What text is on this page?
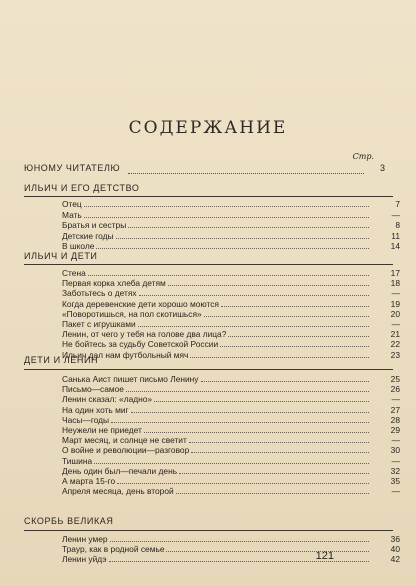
СОДЕРЖАНИЕ
Стр.
ЮНОМУ ЧИТАТЕЛЮ	3
ИЛЬИЧ И ЕГО ДЕТСТВО
Отец	7
Мать	—
Братья и сестры	8
Детские годы	11
В школе	14
ИЛЬИЧ И ДЕТИ
Стена	17
Первая корка хлеба детям	18
Заботьтесь о детях	—
Когда деревенские дети хорошо моются	19
«Поворотишься, на пол скотишься»	20
Пакет с игрушками	—
Ленин, от чего у тебя на голове два лица?	21
Не бойтесь за судьбу Советской России	22
Ильич дал нам футбольный мяч	23
ДЕТИ И ЛЕНИН
Санька Аист пишет письмо Ленину	25
Письмо—самое	26
Ленин сказал: «ладно»	—
На один хоть миг	27
Часы—годы	28
Неужели не приедет	29
Март месяц, и солнце не светит	—
О войне и революции—разговор	30
Тишина	—
День один был—печали день	32
А марта 15-го	35
Апреля месяца, день второй	—
СКОРБЬ ВЕЛИКАЯ
Ленин умер	36
Траур, как в родной семье	40
Ленин уйдэ	42
121
